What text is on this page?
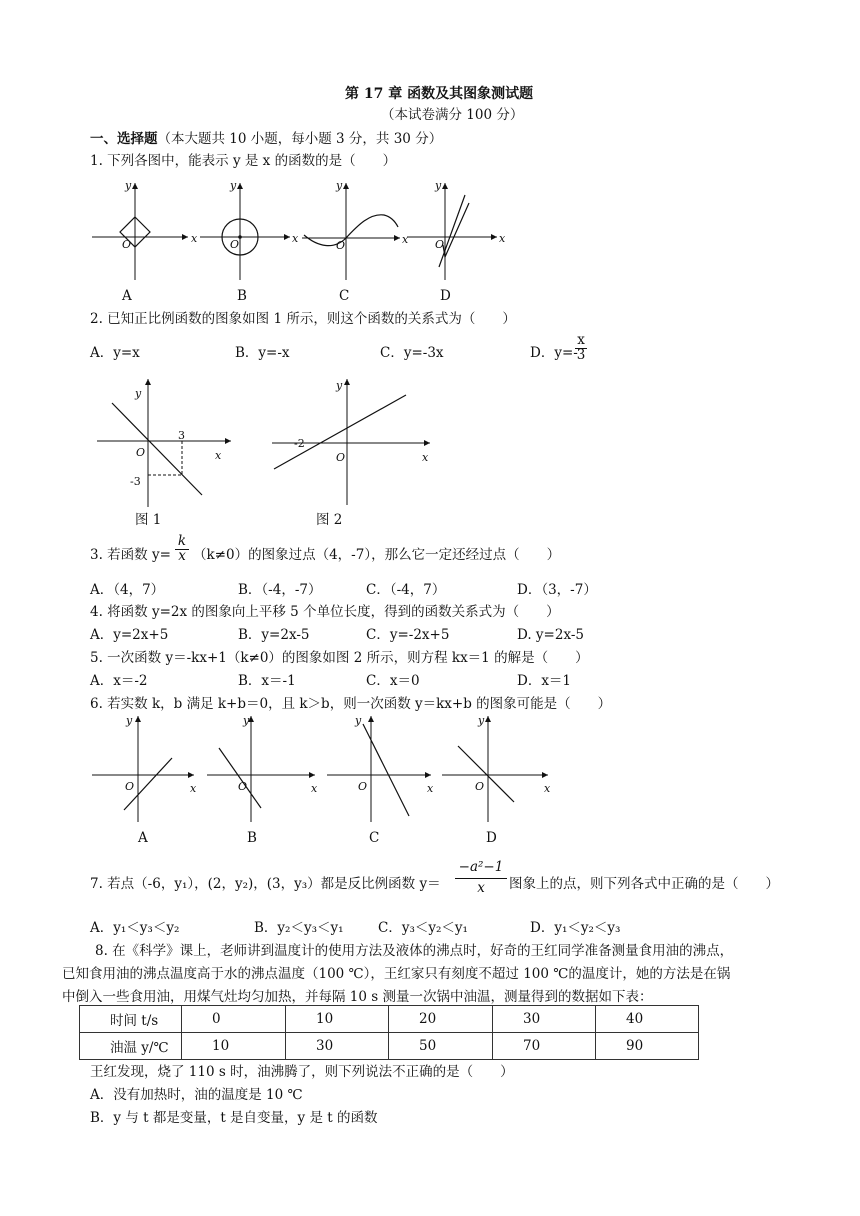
第 17 章 函数及其图象测试题
（本试卷满分 100 分）
一、选择题（本大题共 10 小题，每小题 3 分，共 30 分）
1. 下列各图中，能表示 y 是 x 的函数的是（　　）
x
y
O	x
y
O	x
y
O
x
y
O
A	B	C	D
2. 已知正比例函数的图象如图 1 所示，则这个函数的关系式为（　　）
A．y=x	B．y=-x	C．y=-3x	D．y=-
$\frac{x}{3}$
3
-3
x
y
O
图 1
-2
x
y
O
图 2
3. 若函数 $y= \frac{k}{x} (k\ne 0)$的图象过点（4，-7），那么它一定还经过点（　　）
A．（4，7）	B．（-4，-7）	C．（-4，7）	D．（3，-7）
4. 将函数 y=2x 的图象向上平移 5 个单位长度，得到的函数关系式为（　　）
A．y=2x+5	B．y=2x-5	C．y=-2x+5	D. y=2x-5
5. 一次函数 y＝-kx+1（k≠0）的图象如图 2 所示，则方程 kx＝1 的解是（　　）
A．x＝-2	B．x＝-1	C．x＝0	D．x＝1
6. 若实数 k，b 满足 k+b＝0，且 k＞b，则一次函数 y＝kx+b 的图象可能是（　　）
x
y
O	x
y
O	x
y
O	x
y
O
A	B	C	D
7. 若点（-6，y₁），(2，y₂)，(3，y₃）都是反比例函数 $y= \frac{\text{−a²−1}}{x}$ 图象上的点，则下列各式中正确的是（　　）
A．y₁＜y₃＜y₂	B．y₂＜y₃＜y₁	C．y₃＜y₂＜y₁	D．y₁＜y₂＜y₃
8. 在《科学》课上，老师讲到温度计的使用方法及液体的沸点时，好奇的王红同学准备测量食用油的沸点，
已知食用油的沸点温度高于水的沸点温度（100 ℃），王红家只有刻度不超过 100 ℃的温度计，她的方法是在锅
中倒入一些食用油，用煤气灶均匀加热，并每隔 10 s 测量一次锅中油温，测量得到的数据如下表：
时间 t/s	0	10	20	30	40
油温 y/℃	10	30	50	70	90
王红发现，烧了 110 s 时，油沸腾了，则下列说法不正确的是（　　）
A．没有加热时，油的温度是 10 ℃
B．y 与 t 都是变量，t 是自变量，y 是 t 的函数
